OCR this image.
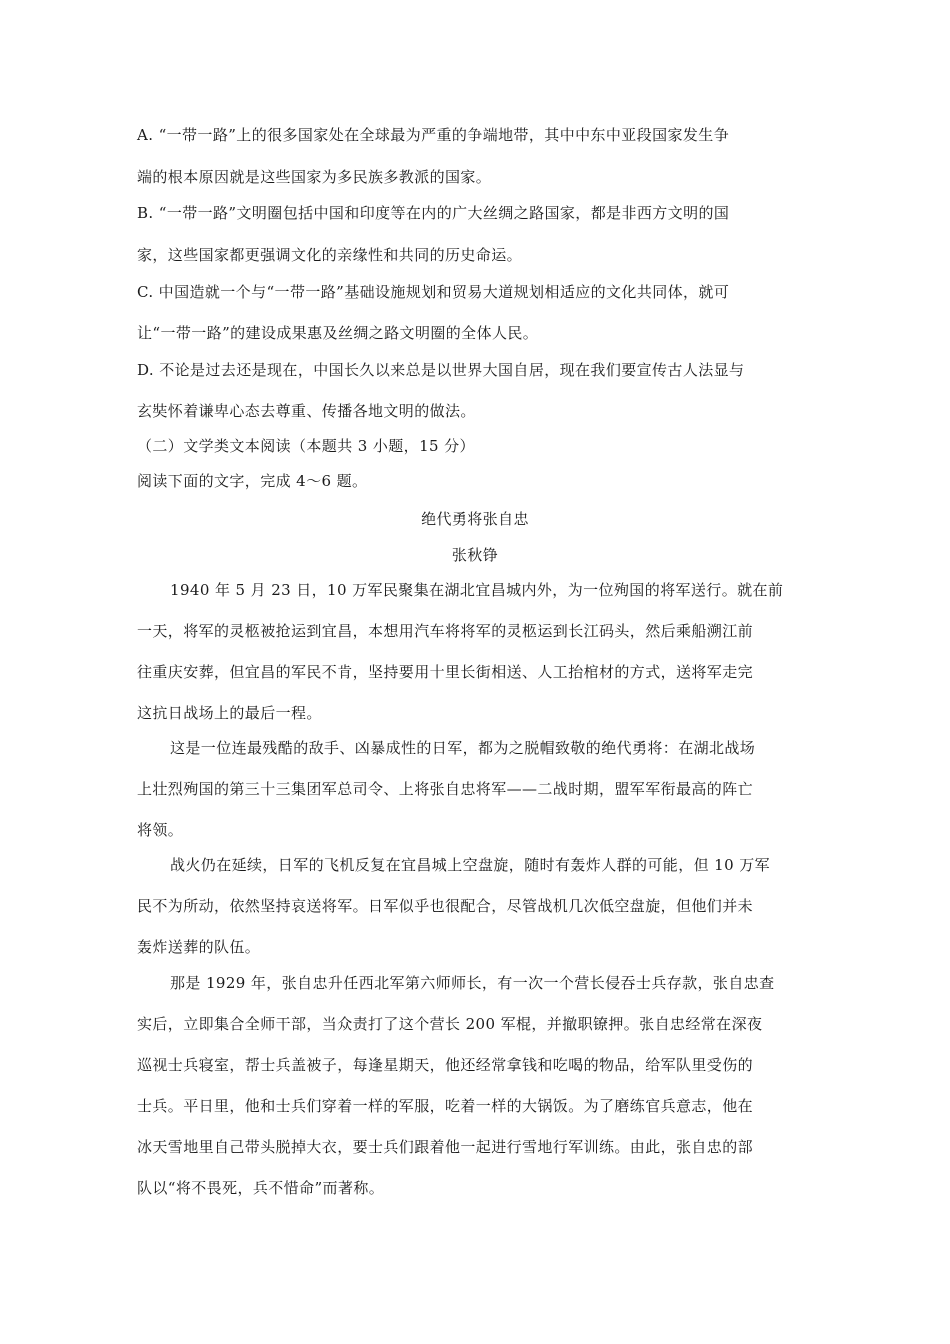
A. “一带一路”上的很多国家处在全球最为严重的争端地带，其中中东中亚段国家发生争
端的根本原因就是这些国家为多民族多教派的国家。
B. “一带一路”文明圈包括中国和印度等在内的广大丝绸之路国家，都是非西方文明的国
家，这些国家都更强调文化的亲缘性和共同的历史命运。
C. 中国造就一个与“一带一路”基础设施规划和贸易大道规划相适应的文化共同体，就可
让“一带一路”的建设成果惠及丝绸之路文明圈的全体人民。
D. 不论是过去还是现在，中国长久以来总是以世界大国自居，现在我们要宣传古人法显与
玄奘怀着谦卑心态去尊重、传播各地文明的做法。
（二）文学类文本阅读（本题共 3 小题，15 分）
阅读下面的文字，完成 4～6 题。
绝代勇将张自忠
张秋铮
1940 年 5 月 23 日，10 万军民聚集在湖北宜昌城内外，为一位殉国的将军送行。就在前
一天，将军的灵柩被抢运到宜昌，本想用汽车将将军的灵柩运到长江码头，然后乘船溯江前
往重庆安葬，但宜昌的军民不肯，坚持要用十里长街相送、人工抬棺材的方式，送将军走完
这抗日战场上的最后一程。
这是一位连最残酷的敌手、凶暴成性的日军，都为之脱帽致敬的绝代勇将：在湖北战场
上壮烈殉国的第三十三集团军总司令、上将张自忠将军——二战时期，盟军军衔最高的阵亡
将领。
战火仍在延续，日军的飞机反复在宜昌城上空盘旋，随时有轰炸人群的可能，但 10 万军
民不为所动，依然坚持哀送将军。日军似乎也很配合，尽管战机几次低空盘旋，但他们并未
轰炸送葬的队伍。
那是 1929 年，张自忠升任西北军第六师师长，有一次一个营长侵吞士兵存款，张自忠查
实后，立即集合全师干部，当众责打了这个营长 200 军棍，并撤职镣押。张自忠经常在深夜
巡视士兵寝室，帮士兵盖被子，每逢星期天，他还经常拿钱和吃喝的物品，给军队里受伤的
士兵。平日里，他和士兵们穿着一样的军服，吃着一样的大锅饭。为了磨练官兵意志，他在
冰天雪地里自己带头脱掉大衣，要士兵们跟着他一起进行雪地行军训练。由此，张自忠的部
队以“将不畏死，兵不惜命”而著称。
